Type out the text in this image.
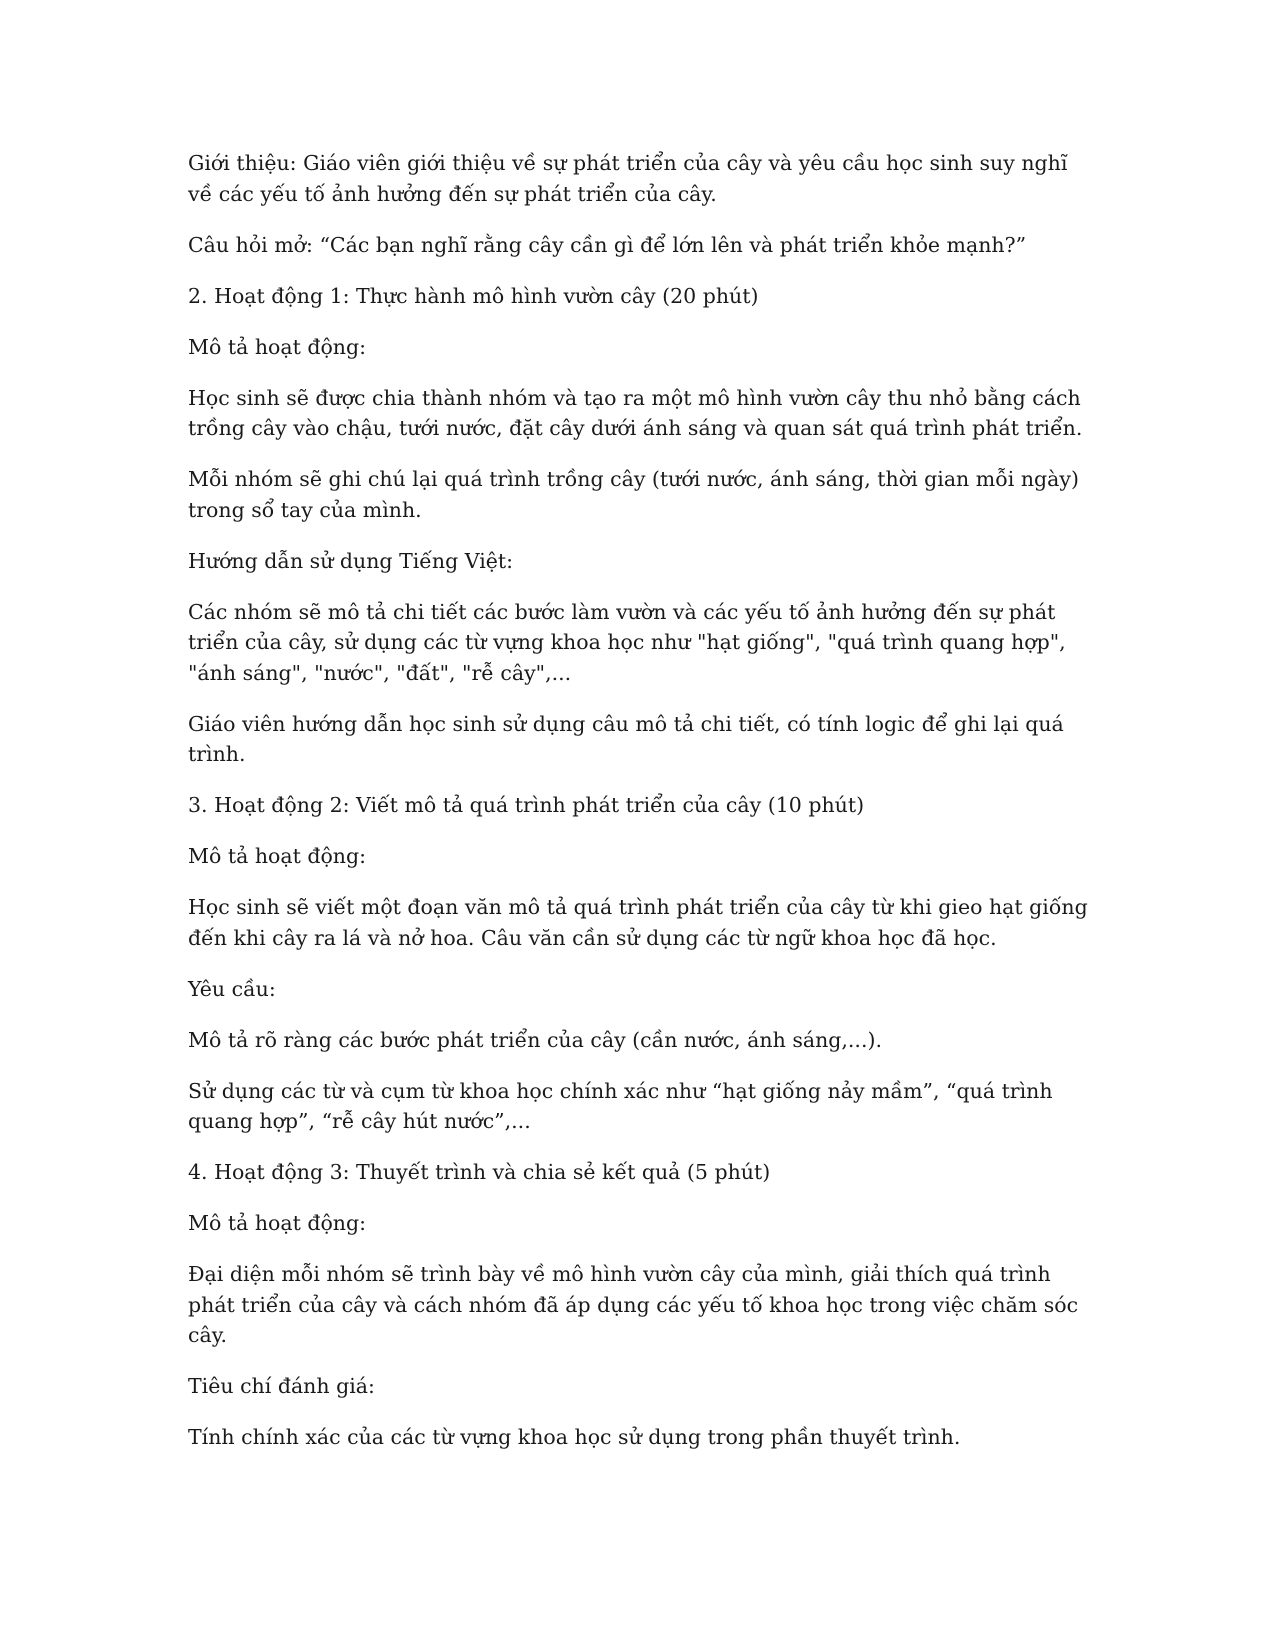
Giới thiệu: Giáo viên giới thiệu về sự phát triển của cây và yêu cầu học sinh suy nghĩ về các yếu tố ảnh hưởng đến sự phát triển của cây.

Câu hỏi mở: “Các bạn nghĩ rằng cây cần gì để lớn lên và phát triển khỏe mạnh?”

2. Hoạt động 1: Thực hành mô hình vườn cây (20 phút)

Mô tả hoạt động:

Học sinh sẽ được chia thành nhóm và tạo ra một mô hình vườn cây thu nhỏ bằng cách trồng cây vào chậu, tưới nước, đặt cây dưới ánh sáng và quan sát quá trình phát triển.

Mỗi nhóm sẽ ghi chú lại quá trình trồng cây (tưới nước, ánh sáng, thời gian mỗi ngày) trong sổ tay của mình.

Hướng dẫn sử dụng Tiếng Việt:

Các nhóm sẽ mô tả chi tiết các bước làm vườn và các yếu tố ảnh hưởng đến sự phát triển của cây, sử dụng các từ vựng khoa học như "hạt giống", "quá trình quang hợp", "ánh sáng", "nước", "đất", "rễ cây",...

Giáo viên hướng dẫn học sinh sử dụng câu mô tả chi tiết, có tính logic để ghi lại quá trình.

3. Hoạt động 2: Viết mô tả quá trình phát triển của cây (10 phút)

Mô tả hoạt động:

Học sinh sẽ viết một đoạn văn mô tả quá trình phát triển của cây từ khi gieo hạt giống đến khi cây ra lá và nở hoa. Câu văn cần sử dụng các từ ngữ khoa học đã học.

Yêu cầu:

Mô tả rõ ràng các bước phát triển của cây (cần nước, ánh sáng,...).

Sử dụng các từ và cụm từ khoa học chính xác như “hạt giống nảy mầm”, “quá trình quang hợp”, “rễ cây hút nước”,...

4. Hoạt động 3: Thuyết trình và chia sẻ kết quả (5 phút)

Mô tả hoạt động:

Đại diện mỗi nhóm sẽ trình bày về mô hình vườn cây của mình, giải thích quá trình phát triển của cây và cách nhóm đã áp dụng các yếu tố khoa học trong việc chăm sóc cây.

Tiêu chí đánh giá:

Tính chính xác của các từ vựng khoa học sử dụng trong phần thuyết trình.
